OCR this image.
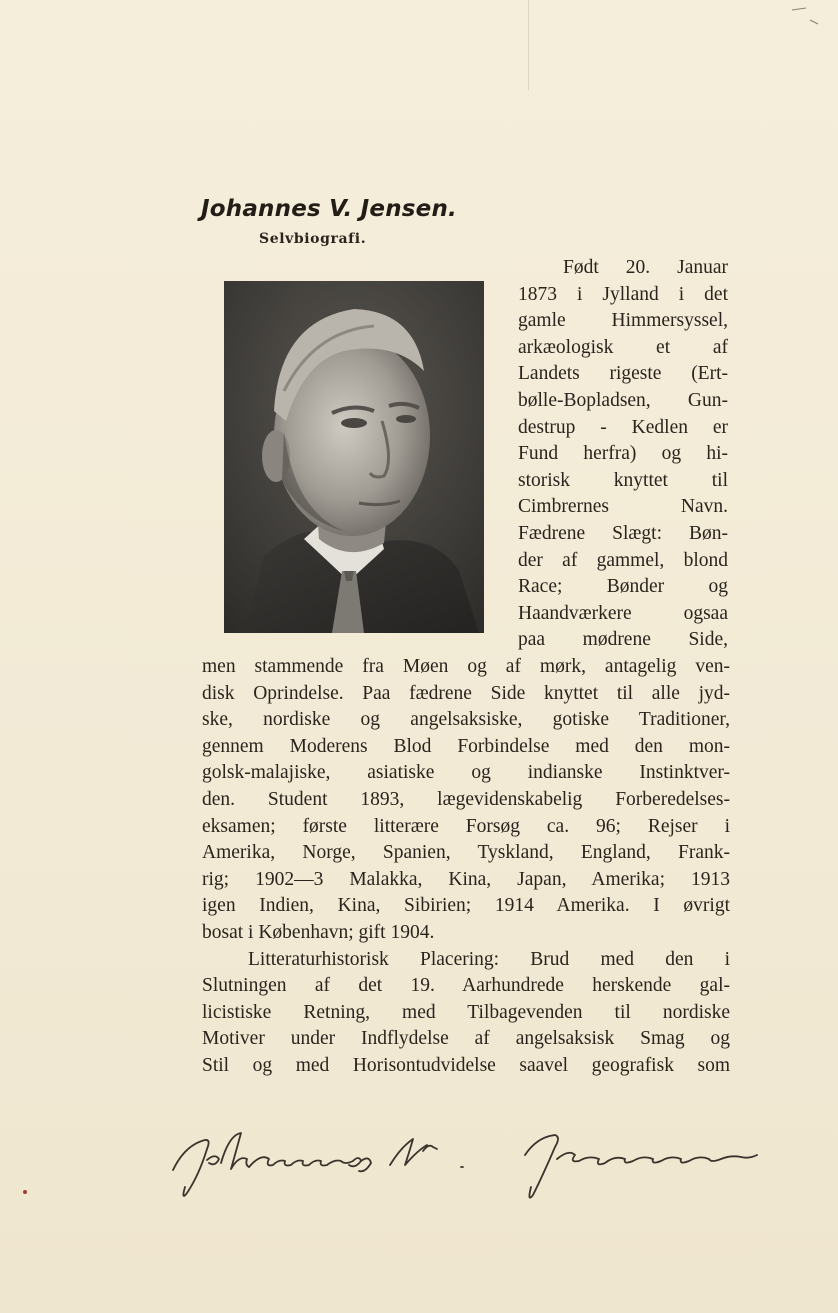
Johannes V. Jensen.
Selvbiografi.
Født 20. Januar
1873 i Jylland i det
gamle Himmersyssel,
arkæologisk et af
Landets rigeste (Ert-
bølle-Bopladsen, Gun-
destrup - Kedlen er
Fund herfra) og hi-
storisk knyttet til
Cimbrernes Navn.
Fædrene Slægt: Bøn-
der af gammel, blond
Race; Bønder og
Haandværkere ogsaa
paa mødrene Side,
men stammende fra Møen og af mørk, antagelig ven-
disk Oprindelse. Paa fædrene Side knyttet til alle jyd-
ske, nordiske og angelsaksiske, gotiske Traditioner,
gennem Moderens Blod Forbindelse med den mon-
golsk-malajiske, asiatiske og indianske Instinktver-
den. Student 1893, lægevidenskabelig Forberedelses-
eksamen; første litterære Forsøg ca. 96; Rejser i
Amerika, Norge, Spanien, Tyskland, England, Frank-
rig; 1902—3 Malakka, Kina, Japan, Amerika; 1913
igen Indien, Kina, Sibirien; 1914 Amerika. I øvrigt
bosat i København; gift 1904.
Litteraturhistorisk Placering: Brud med den i
Slutningen af det 19. Aarhundrede herskende gal-
licistiske Retning, med Tilbagevenden til nordiske
Motiver under Indflydelse af angelsaksisk Smag og
Stil og med Horisontudvidelse saavel geografisk som
